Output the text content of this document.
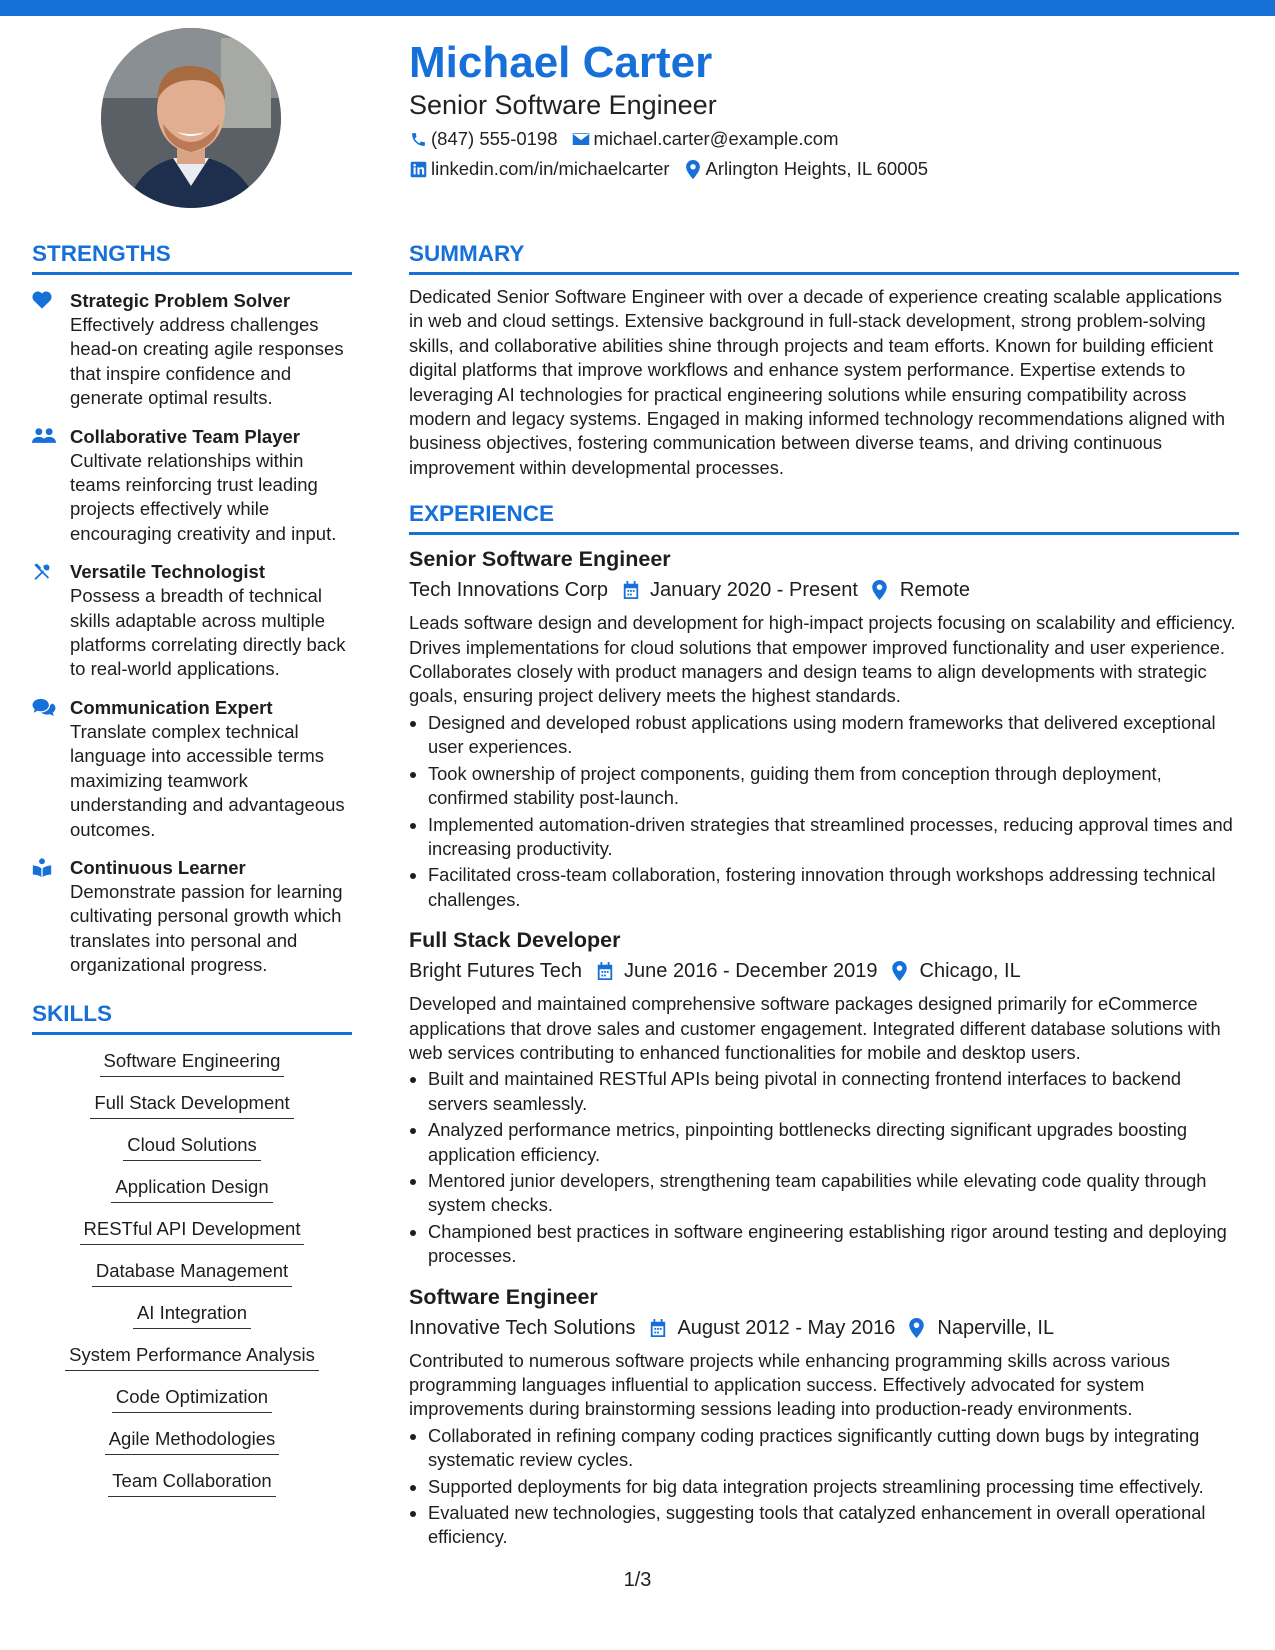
Michael Carter
Senior Software Engineer
(847) 555-0198 michael.carter@example.com
linkedin.com/in/michaelcarter Arlington Heights, IL 60005
STRENGTHS
Strategic Problem Solver
Effectively address challenges head-on creating agile responses that inspire confidence and generate optimal results.
Collaborative Team Player
Cultivate relationships within teams reinforcing trust leading projects effectively while encouraging creativity and input.
Versatile Technologist
Possess a breadth of technical skills adaptable across multiple platforms correlating directly back to real-world applications.
Communication Expert
Translate complex technical language into accessible terms maximizing teamwork understanding and advantageous outcomes.
Continuous Learner
Demonstrate passion for learning cultivating personal growth which translates into personal and organizational progress.
SKILLS
Software Engineering
Full Stack Development
Cloud Solutions
Application Design
RESTful API Development
Database Management
AI Integration
System Performance Analysis
Code Optimization
Agile Methodologies
Team Collaboration
SUMMARY
Dedicated Senior Software Engineer with over a decade of experience creating scalable applications in web and cloud settings. Extensive background in full-stack development, strong problem-solving skills, and collaborative abilities shine through projects and team efforts. Known for building efficient digital platforms that improve workflows and enhance system performance. Expertise extends to leveraging AI technologies for practical engineering solutions while ensuring compatibility across modern and legacy systems. Engaged in making informed technology recommendations aligned with business objectives, fostering communication between diverse teams, and driving continuous improvement within developmental processes.
EXPERIENCE
Senior Software Engineer
Tech Innovations Corp January 2020 - Present Remote
Leads software design and development for high-impact projects focusing on scalability and efficiency. Drives implementations for cloud solutions that empower improved functionality and user experience. Collaborates closely with product managers and design teams to align developments with strategic goals, ensuring project delivery meets the highest standards.
• Designed and developed robust applications using modern frameworks that delivered exceptional user experiences.
• Took ownership of project components, guiding them from conception through deployment, confirmed stability post-launch.
• Implemented automation-driven strategies that streamlined processes, reducing approval times and increasing productivity.
• Facilitated cross-team collaboration, fostering innovation through workshops addressing technical challenges.
Full Stack Developer
Bright Futures Tech June 2016 - December 2019 Chicago, IL
Developed and maintained comprehensive software packages designed primarily for eCommerce applications that drove sales and customer engagement. Integrated different database solutions with web services contributing to enhanced functionalities for mobile and desktop users.
• Built and maintained RESTful APIs being pivotal in connecting frontend interfaces to backend servers seamlessly.
• Analyzed performance metrics, pinpointing bottlenecks directing significant upgrades boosting application efficiency.
• Mentored junior developers, strengthening team capabilities while elevating code quality through system checks.
• Championed best practices in software engineering establishing rigor around testing and deploying processes.
Software Engineer
Innovative Tech Solutions August 2012 - May 2016 Naperville, IL
Contributed to numerous software projects while enhancing programming skills across various programming languages influential to application success. Effectively advocated for system improvements during brainstorming sessions leading into production-ready environments.
• Collaborated in refining company coding practices significantly cutting down bugs by integrating systematic review cycles.
• Supported deployments for big data integration projects streamlining processing time effectively.
• Evaluated new technologies, suggesting tools that catalyzed enhancement in overall operational efficiency.
1/3
